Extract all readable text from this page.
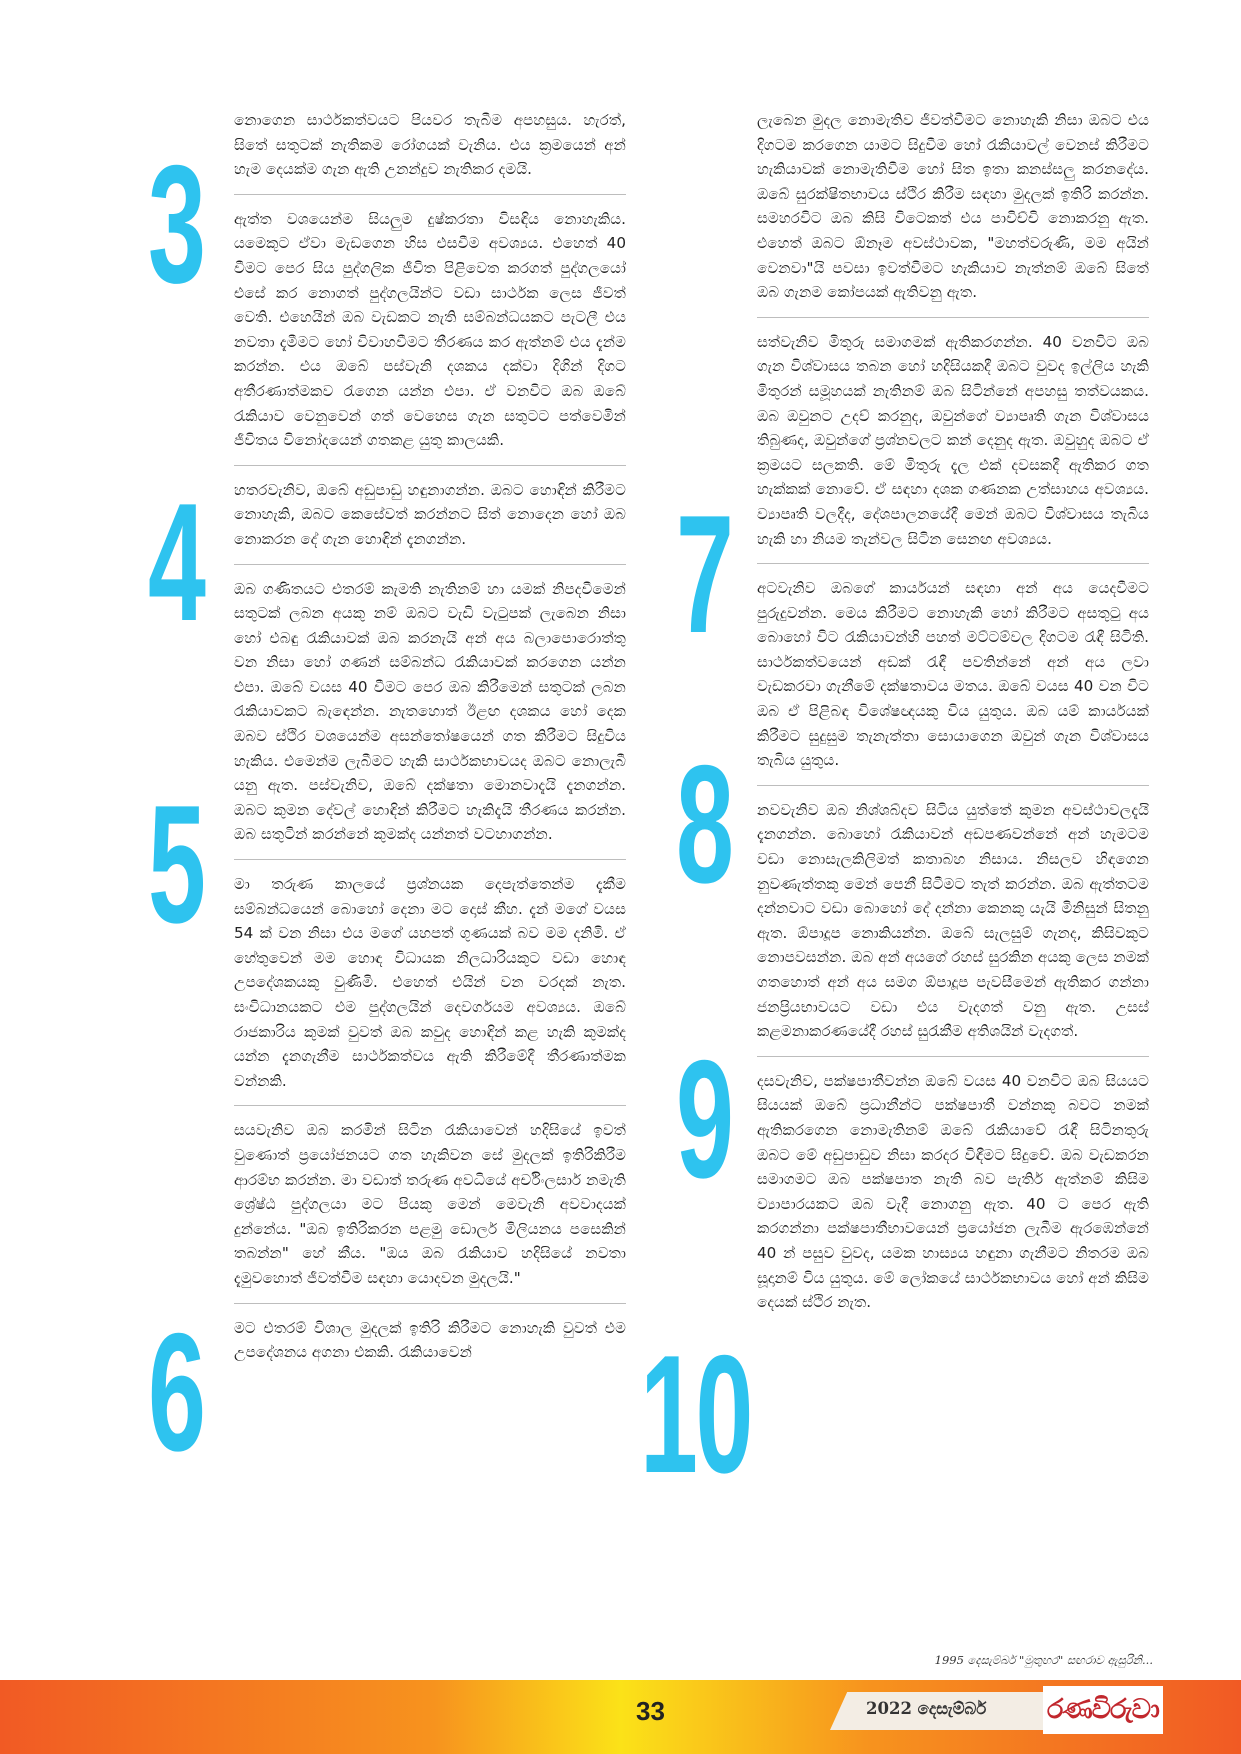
3
4
5
6
7
8
9
10

නොගෙන සාර්ථකත්වයට පියවර තැබීම අපහසුය. හැරත්, සිතේ සතුටක් නැතිකම රෝගයක් වැනිය. එය ක්‍රමයෙන් අන් හැම දෙයක්ම ගැන ඇති උනන්දුව නැතිකර දමයි.

ඇත්ත වශයෙන්ම සියලුම දුෂ්කරතා විසඳිය නොහැකිය. යමෙකුට ඒවා මැඩගෙන හිස එසවීම අවශ්‍යය. එහෙත් 40 වීමට පෙර සිය පුද්ගලික ජීවිත පිළිවෙත කරගත් පුද්ගලයෝ එසේ කර නොගත් පුද්ගලයින්ට වඩා සාර්ථක ලෙස ජීවත් වෙති. එහෙයින් ඔබ වැඩකට නැති සම්බන්ධයකට පැටලී එය නවතා දැමීමට හෝ විවාහවීමට තීරණය කර ඇත්නම් එය දැන්ම කරන්න. එය ඔබේ පස්වැනි දශකය දක්වා දිගින් දිගට අතීරණාත්මකව රැගෙන යන්න එපා. ඒ වනවිට ඔබ ඔබේ රැකියාව වෙනුවෙන් ගත් වෙහෙස ගැන සතුටට පත්වෙමින් ජීවිතය විනෝදයෙන් ගතකළ යුතු කාලයකි.

හතරවැනිව, ඔබේ අඩුපාඩු හඳුනාගන්න. ඔබට හොඳින් කිරීමට නොහැකි, ඔබට කෙසේවත් කරන්නට සිත් නොදෙන හෝ ඔබ නොකරන දේ ගැන හොඳින් දැනගන්න.

ඔබ ගණිතයට එතරම් කැමති නැතිනම් හා යමක් නිපදවීමෙන් සතුටක් ලබන අයකු නම් ඔබට වැඩි වැටුපක් ලැබෙන නිසා හෝ එබඳු රැකියාවක් ඔබ කරනැයි අන් අය බලාපොරොත්තු වන නිසා හෝ ගණන් සම්බන්ධ රැකියාවක් කරගෙන යන්න එපා. ඔබේ වයස 40 වීමට පෙර ඔබ කිරීමෙන් සතුටක් ලබන රැකියාවකට බැඳෙන්න. නැතහොත් ඊළඟ දශකය හෝ දෙක ඔබව ස්ථිර වශයෙන්ම අසන්තෝෂයෙන් ගත කිරීමට සිදුවිය හැකිය. එමෙන්ම ලැබීමට හැකි සාර්ථකභාවයද ඔබට නොලැබී යනු ඇත. පස්වැනිව, ඔබේ දක්ෂතා මොනවාදැයි දැනගන්න. ඔබට කුමන දේවල් හොඳින් කිරීමට හැකිදැයි තීරණය කරන්න. ඔබ සතුටින් කරන්නේ කුමක්ද යන්නත් වටහාගන්න.

මා තරුණ කාලයේ ප්‍රශ්නයක දෙපැත්තෙන්ම දැකීම සම්බන්ධයෙන් බොහෝ දෙනා මට දොස් කීහ. දැන් මගේ වයස 54 ක් වන නිසා එය මගේ යහපත් ගුණයක් බව මම දනිමි. ඒ හේතුවෙන් මම හොඳ විධායක නිලධාරියකුට වඩා හොඳ උපදේශකයකු වුණිමි. එහෙත් එයින් වන වරදක් නැත. සංවිධානයකට එම පුද්ගලයින් දෙවර්ගයම අවශ්‍යය. ඔබේ රාජකාරිය කුමක් වුවත් ඔබ කවුද හොඳින් කළ හැකි කුමක්ද යන්න දැනගැනීම සාර්ථකත්වය ඇති කිරීමේදී තීරණාත්මක වන්නකි.

සයවැනිව ඔබ කරමින් සිටින රැකියාවෙන් හදිසියේ ඉවත් වුණොත් ප්‍රයෝජනයට ගත හැකිවන සේ මුදලක් ඉතිරිකිරීම ආරම්භ කරන්න. මා වඩාත් තරුණ අවධියේ අර්චිංලසාර් නමැති ශ්‍රේෂ්ඨ පුද්ගලයා මට පියකු මෙන් මෙවැනි අවවාදයක් දුන්නේය. "ඔබ ඉතිරිකරන පළමු ඩොලර් මිලියනය පසෙකින් තබන්න" හේ කීය. "ඔය ඔබ රැකියාව හදිසියේ නවතා දැමුවහොත් ජීවත්වීම සඳහා යොදවන මුදලයි."

මට එතරම් විශාල මුදලක් ඉතිරි කිරීමට නොහැකි වුවත් එම උපදේශනය අගනා එකකි. රැකියාවෙන්

ලැබෙන මුදල නොමැතිව ජීවත්වීමට නොහැකි නිසා ඔබට එය දිගටම කරගෙන යාමට සිදුවීම හෝ රැකියාවල් වෙනස් කිරීමට හැකියාවක් නොමැතිවීම හෝ සිත ඉතා කනස්සලු කරනදේය. ඔබේ සුරක්ෂිතභාවය ස්ථිර කිරීම සඳහා මුදලක් ඉතිරි කරන්න. සමහරවිට ඔබ කිසි විටෙකත් එය පාවිච්චි නොකරනු ඇත. එහෙත් ඔබට ඕනෑම අවස්ථාවක, "මහත්වරුණි, මම අයින් වෙනවා"යි පවසා ඉවත්වීමට හැකියාව නැත්නම් ඔබේ සිතේ ඔබ ගැනම කෝපයක් ඇතිවනු ඇත.

සත්වැනිව මිතුරු සමාගමක් ඇතිකරගන්න. 40 වනවිට ඔබ ගැන විශ්වාසය තබන හෝ හදිසියකදී ඔබට වුවද ඉල්ලිය හැකි මිතුරන් සමූහයක් නැතිනම් ඔබ සිටින්නේ අපහසු තත්වයකය. ඔබ ඔවුනට උදව් කරනුද, ඔවුන්ගේ ව්‍යාපෘති ගැන විශ්වාසය තිබුණද, ඔවුන්ගේ ප්‍රශ්නවලට කන් දෙනුද ඇත. ඔවුහුද ඔබට ඒ ක්‍රමයට සලකති. මේ මිතුරු දැල එක් දවසකදී ඇතිකර ගත හැක්කක් නොවේ. ඒ සඳහා දශක ගණනක උත්සාහය අවශ්‍යය. ව්‍යාපෘති වලදීද, දේශපාලනයේදී මෙන් ඔබට විශ්වාසය තැබිය හැකි හා නියම තැන්වල සිටින සෙනඟ අවශ්‍යය.

අටවැනිව ඔබගේ කාර්යයන් සඳහා අන් අය යෙදවීමට පුරුදුවන්න. මෙය කිරීමට නොහැකි හෝ කිරීමට අසතුටු අය බොහෝ විට රැකියාවන්හි පහත් මට්ටම්වල දිගටම රැඳී සිටිති. සාර්ථකත්වයෙන් අඩක් රැඳී පවතින්නේ අන් අය ලවා වැඩකරවා ගැනීමේ දක්ෂතාවය මතය. ඔබේ වයස 40 වන විට ඔබ ඒ පිළිබඳ විශේෂඥයකු විය යුතුය. ඔබ යම් කාර්යයක් කිරීමට සුදුසුම තැනැත්තා සොයාගෙන ඔවුන් ගැන විශ්වාසය තැබිය යුතුය.

නවවැනිව ඔබ නිශ්ශබ්දව සිටිය යුත්තේ කුමන අවස්ථාවලදැයි දැනගන්න. බොහෝ රැකියාවන් අඩපණවන්නේ අන් හැමටම වඩා නොසැලකිලිමත් කතාබහ නිසාය. නිසලව හිඳගෙන නුවණැත්තකු මෙන් පෙනී සිටීමට තැත් කරන්න. ඔබ ඇත්තටම දන්නවාට වඩා බොහෝ දේ දන්නා කෙනකු යැයි මිනිසුන් සිතනු ඇත. ඕපාදූප නොකියන්න. ඔබේ සැලසුම් ගැනද, කිසිවකුට නොපවසන්න. ඔබ අන් අයගේ රහස් සුරකින අයකු ලෙස නමක් ගතහොත් අන් අය සමග ඕපාදූප පැවසීමෙන් ඇතිකර ගන්නා ජනප්‍රියභාවයට වඩා එය වැදගත් වනු ඇත. උසස් කළමනාකරණයේදී රහස් සුරැකීම අතිශයින් වැදගත්.

දසවැනිව, පක්ෂපාතීවන්න ඔබේ වයස 40 වනවිට ඔබ සියයට සියයක් ඔබේ ප්‍රධානීන්ට පක්ෂපාතී වන්නකු බවට නමක් ඇතිකරගෙන නොමැතිනම් ඔබේ රැකියාවේ රැඳී සිටිනතුරු ඔබට මේ අඩුපාඩුව නිසා කරදර විඳීමට සිදුවේ. ඔබ වැඩකරන සමාගමට ඔබ පක්ෂපාත නැති බව පැතිර් ඇත්නම් කිසිම ව්‍යාපාරයකට ඔබ වැදී නොගනු ඇත. 40 ට පෙර ඇති කරගන්නා පක්ෂපාතීභාවයෙන් ප්‍රයෝජන ලැබීම ඇරඹෙන්නේ 40 න් පසුව වුවද, යමක හාස්‍යය හඳුනා ගැනීමට නිතරම ඔබ සූදානම් විය යුතුය. මේ ලෝකයේ සාර්ථකභාවය හෝ අන් කිසිම දෙයක් ස්ථිර නැත.

1995 දෙසැම්බර් "මුතුහර" සඟරාව ඇසුරිනි...
33	2022 දෙසැම්බර් රණවිරුවා
